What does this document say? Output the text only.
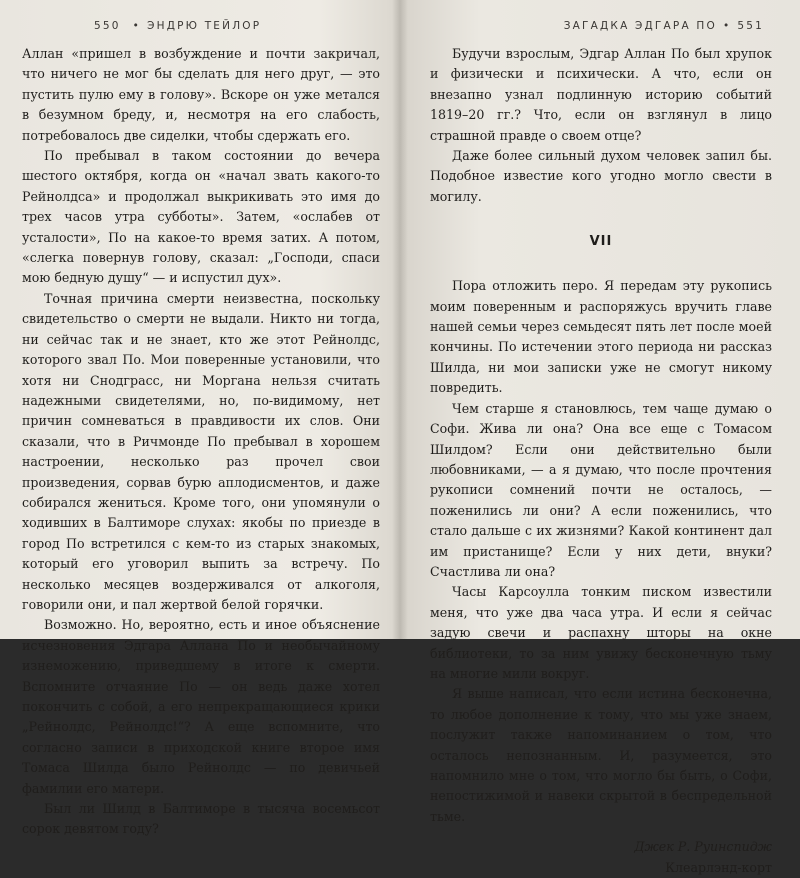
550 • ЭНДРЮ ТЕЙЛОР

Аллан «пришел в возбуждение и почти закричал, что ничего не мог бы сделать для него друг, — это пустить пулю ему в голову». Вскоре он уже метался в безумном бреду, и, несмотря на его слабость, потребовалось две сиделки, чтобы сдержать его.

По пребывал в таком состоянии до вечера шестого октября, когда он «начал звать какого-то Рейнолдса» и продолжал выкрикивать это имя до трех часов утра субботы». Затем, «ослабев от усталости», По на какое-то время затих. А потом, «слегка повернув голову, сказал: „Господи, спаси мою бедную душу“ — и испустил дух».

Точная причина смерти неизвестна, поскольку свидетельство о смерти не выдали. Никто ни тогда, ни сейчас так и не знает, кто же этот Рейнолдс, которого звал По. Мои поверенные установили, что хотя ни Снодграсс, ни Моргана нельзя считать надежными свидетелями, но, по-видимому, нет причин сомневаться в правдивости их слов. Они сказали, что в Ричмонде По пребывал в хорошем настроении, несколько раз прочел свои произведения, сорвав бурю аплодисментов, и даже собирался жениться. Кроме того, они упомянули о ходивших в Балтиморе слухах: якобы по приезде в город По встретился с кем-то из старых знакомых, который его уговорил выпить за встречу. По несколько месяцев воздерживался от алкоголя, говорили они, и пал жертвой белой горячки.

Возможно. Но, вероятно, есть и иное объяснение исчезновения Эдгара Аллана По и необычайному изнеможению, приведшему в итоге к смерти. Вспомните отчаяние По — он ведь даже хотел покончить с собой, а его непрекращающиеся крики „Рейнолдс, Рейнолдс!“? А еще вспомните, что согласно записи в приходской книге второе имя Томаса Шилда было Рейнолдс — по девичьей фамилии его матери.

Был ли Шилд в Балтиморе в тысяча восемьсот сорок девятом году?

ЗАГАДКА ЭДГАРА ПО • 551

Будучи взрослым, Эдгар Аллан По был хрупок и физически и психически. А что, если он внезапно узнал подлинную историю событий 1819–20 гг.? Что, если он взглянул в лицо страшной правде о своем отце?

Даже более сильный духом человек запил бы. Подобное известие кого угодно могло свести в могилу.

VII

Пора отложить перо. Я передам эту рукопись моим поверенным и распоряжусь вручить главе нашей семьи через семьдесят пять лет после моей кончины. По истечении этого периода ни рассказ Шилда, ни мои записки уже не смогут никому повредить.

Чем старше я становлюсь, тем чаще думаю о Софи. Жива ли она? Она все еще с Томасом Шилдом? Если они действительно были любовниками, — а я думаю, что после прочтения рукописи сомнений почти не осталось, — поженились ли они? А если поженились, что стало дальше с их жизнями? Какой континент дал им пристанище? Если у них дети, внуки? Счастлива ли она?

Часы Карсоулла тонким писком известили меня, что уже два часа утра. И если я сейчас задую свечи и распахну шторы на окне библиотеки, то за ним увижу бесконечную тьму на многие мили вокруг.

Я выше написал, что если истина бесконечна, то любое дополнение к тому, что мы уже знаем, послужит также напоминанием о том, что осталось непознанным. И, разумеется, это напомнило мне о том, что могло бы быть, о Софи, непостижимой и навеки скрытой в беспредельной тьме.

Джек Р. Руинспидж
Клеарлэнд-корт
